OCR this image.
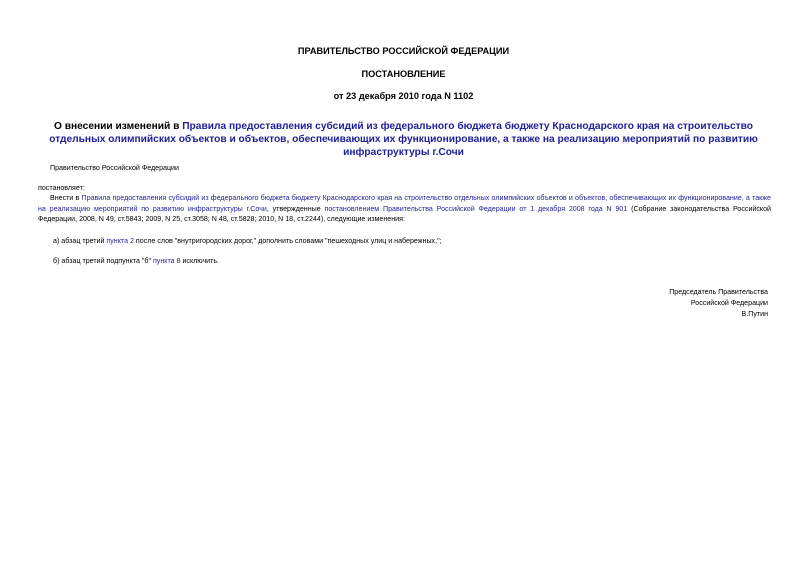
ПРАВИТЕЛЬСТВО РОССИЙСКОЙ ФЕДЕРАЦИИ
ПОСТАНОВЛЕНИЕ
от 23 декабря 2010 года N 1102
О внесении изменений в Правила предоставления субсидий из федерального бюджета бюджету Краснодарского края на строительство отдельных олимпийских объектов и объектов, обеспечивающих их функционирование, а также на реализацию мероприятий по развитию инфраструктуры г.Сочи
Правительство Российской Федерации
постановляет:
Внести в Правила предоставления субсидий из федерального бюджета бюджету Краснодарского края на строительство отдельных олимпийских объектов и объектов, обеспечивающих их функционирование, а также на реализацию мероприятий по развитию инфраструктуры г.Сочи, утвержденные постановлением Правительства Российской Федерации от 1 декабря 2008 года N 901 (Собрание законодательства Российской Федерации, 2008, N 49, ст.5843; 2009, N 25, ст.3058; N 48, ст.5828; 2010, N 18, ст.2244), следующие изменения:
а) абзац третий пункта 2 после слов "внутригородских дорог," дополнить словами "пешеходных улиц и набережных,";
б) абзац третий подпункта "б" пункта 8 исключить.
Председатель Правительства
Российской Федерации
В.Путин
